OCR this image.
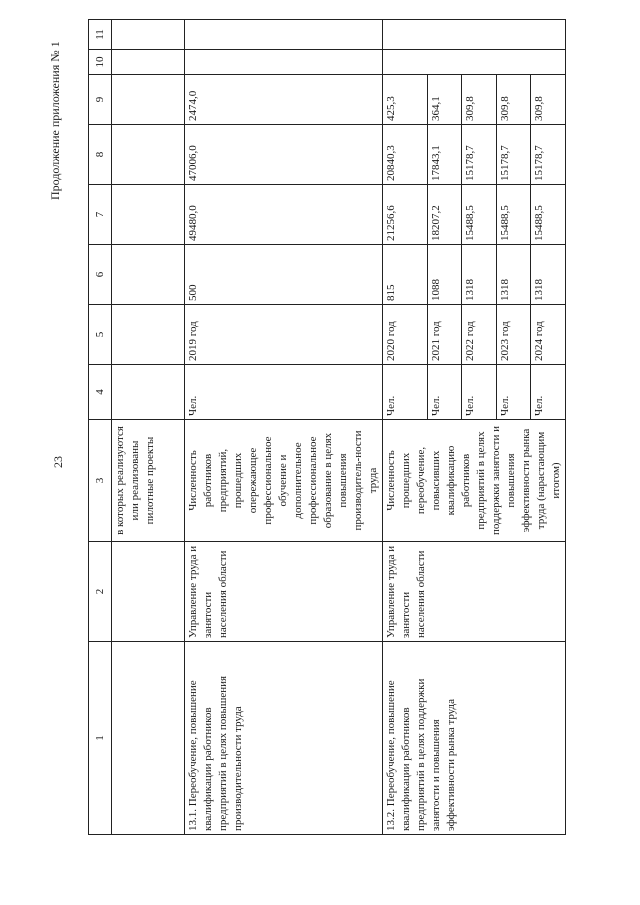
23
Продолжение приложения № 1
1	2	3	4	5	6	7	8	9	10	11
		в которых реализуются или реализованы пилотные проекты								
13.1. Переобучение, повышение квалификации работников предприятий в целях повышения производительности труда	Управление труда и занятости населения области	Численность работников предприятий, прошедших опережающее профессиональное обучение и дополнительное профессиональное образование в целях повышения производитель-ности труда	Чел.	2019 год	500	49480,0	47006,0	2474,0		
13.2. Переобучение, повышение квалификации работников предприятий в целях поддержки занятости и повышения эффективности рынка труда	Управление труда и занятости населения области	Численность прошедших переобучение, повысивших квалификацию работников предприятий в целях поддержки занятости и повышения эффективности рынка труда (нарастающим итогом)	Чел.	2020 год	815	21256,6	20840,3	425,3		
			Чел.	2021 год	1088	18207,2	17843,1	364,1		
			Чел.	2022 год	1318	15488,5	15178,7	309,8		
			Чел.	2023 год	1318	15488,5	15178,7	309,8		
			Чел.	2024 год	1318	15488,5	15178,7	309,8		
